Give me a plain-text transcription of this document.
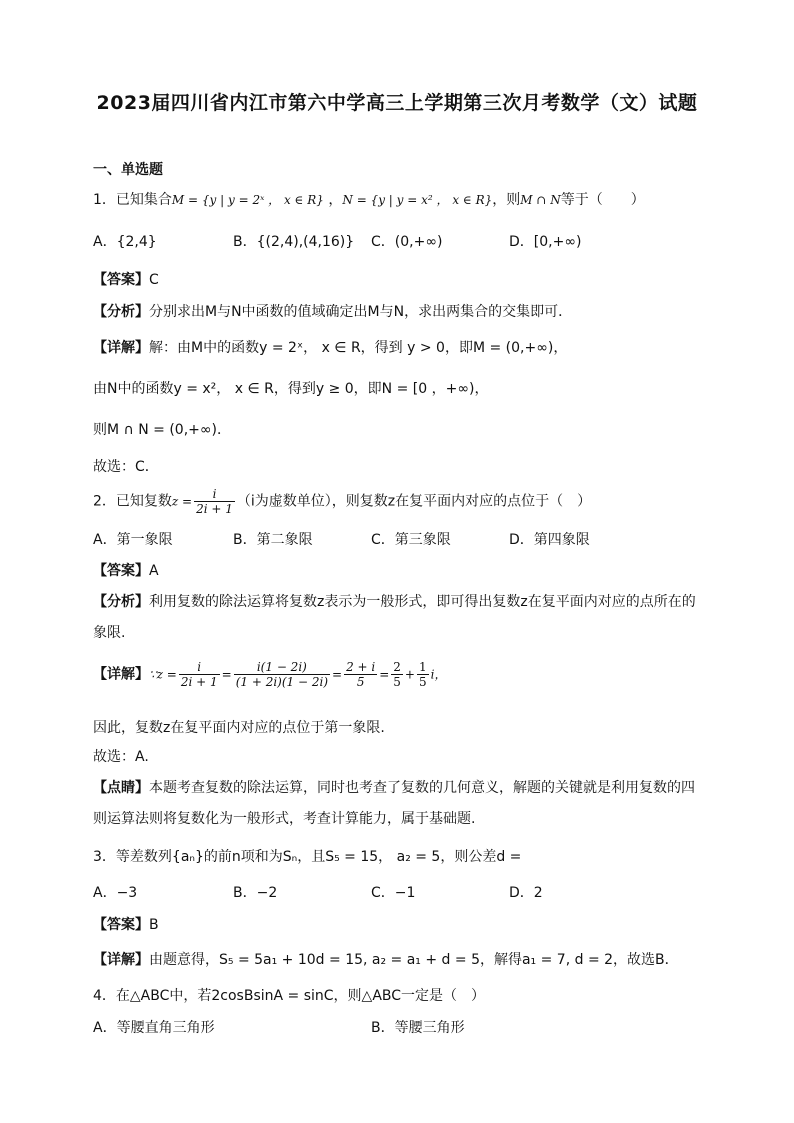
2023届四川省内江市第六中学高三上学期第三次月考数学（文）试题
一、单选题
1．已知集合M = {y | y = 2ˣ ， x ∈ R} ，N = {y | y = x² ， x ∈ R}，则M ∩ N等于（　　）
A．{2,4}	B．{(2,4),(4,16)} C．(0,+∞)	D．[0,+∞)
【答案】C
【分析】分别求出M与N中函数的值域确定出M与N，求出两集合的交集即可．
【详解】解：由M中的函数y = 2ˣ， x ∈ R，得到 y > 0，即M = (0,+∞)，
由N中的函数y = x²， x ∈ R，得到y ≥ 0，即N = [0 ，+∞)，
则M ∩ N = (0,+∞)．
故选：C．
2．已知复数$z = \frac{i}{2i + 1} (i$为虚数单位），则复数z在复平面内对应的点位于（　）
A．第一象限	B．第二象限	C．第三象限	D．第四象限
【答案】A
【分析】利用复数的除法运算将复数z表示为一般形式，即可得出复数z在复平面内对应的点所在的
象限.
【详解】∵z = $\frac{i}{2i + 1} = \frac{i(1 - 2i)}{(1 + 2i)(1 - 2i)} = \frac{2 + i}{5} = \frac{2}{5} + \frac{1}{5}$ i，
因此，复数z在复平面内对应的点位于第一象限.
故选：A.
【点睛】本题考查复数的除法运算，同时也考查了复数的几何意义，解题的关键就是利用复数的四
则运算法则将复数化为一般形式，考查计算能力，属于基础题.
3．等差数列{aₙ}的前n项和为Sₙ，且S₅ = 15， a₂ = 5，则公差d =
A．−3	B．−2	C．−1	D．2
【答案】B
【详解】由题意得，S₅ = 5a₁ + 10d = 15, a₂ = a₁ + d = 5，解得a₁ = 7, d = 2，故选B．
4．在△ABC中，若2cosBsinA = sinC，则△ABC一定是（　）
A．等腰直角三角形	B．等腰三角形
